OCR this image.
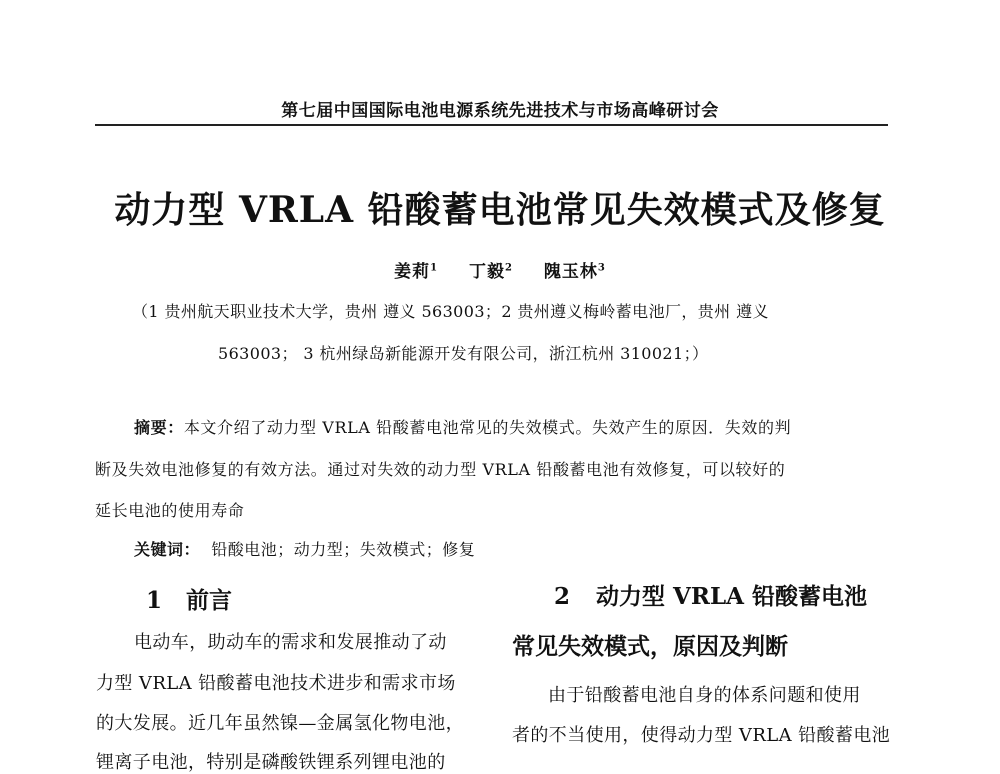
第七届中国国际电池电源系统先进技术与市场高峰研讨会
动力型 VRLA 铅酸蓄电池常见失效模式及修复
姜莉$^1$ 丁毅$^2$ 隗玉林$^3$
（1 贵州航天职业技术大学，贵州 遵义 563003；2 贵州遵义梅岭蓄电池厂，贵州 遵义
563003； 3 杭州绿岛新能源开发有限公司，浙江杭州 310021；）
摘要：本文介绍了动力型 VRLA 铅酸蓄电池常见的失效模式。失效产生的原因．失效的判
断及失效电池修复的有效方法。通过对失效的动力型 VRLA 铅酸蓄电池有效修复，可以较好的
延长电池的使用寿命
关键词： 铅酸电池；动力型；失效模式；修复
1 前言
电动车，助动车的需求和发展推动了动
力型 VRLA 铅酸蓄电池技术进步和需求市场
的大发展。近几年虽然镍—金属氢化物电池，
锂离子电池，特别是磷酸铁锂系列锂电池的
2 动力型 VRLA 铅酸蓄电池
常见失效模式，原因及判断
由于铅酸蓄电池自身的体系问题和使用
者的不当使用，使得动力型 VRLA 铅酸蓄电池
